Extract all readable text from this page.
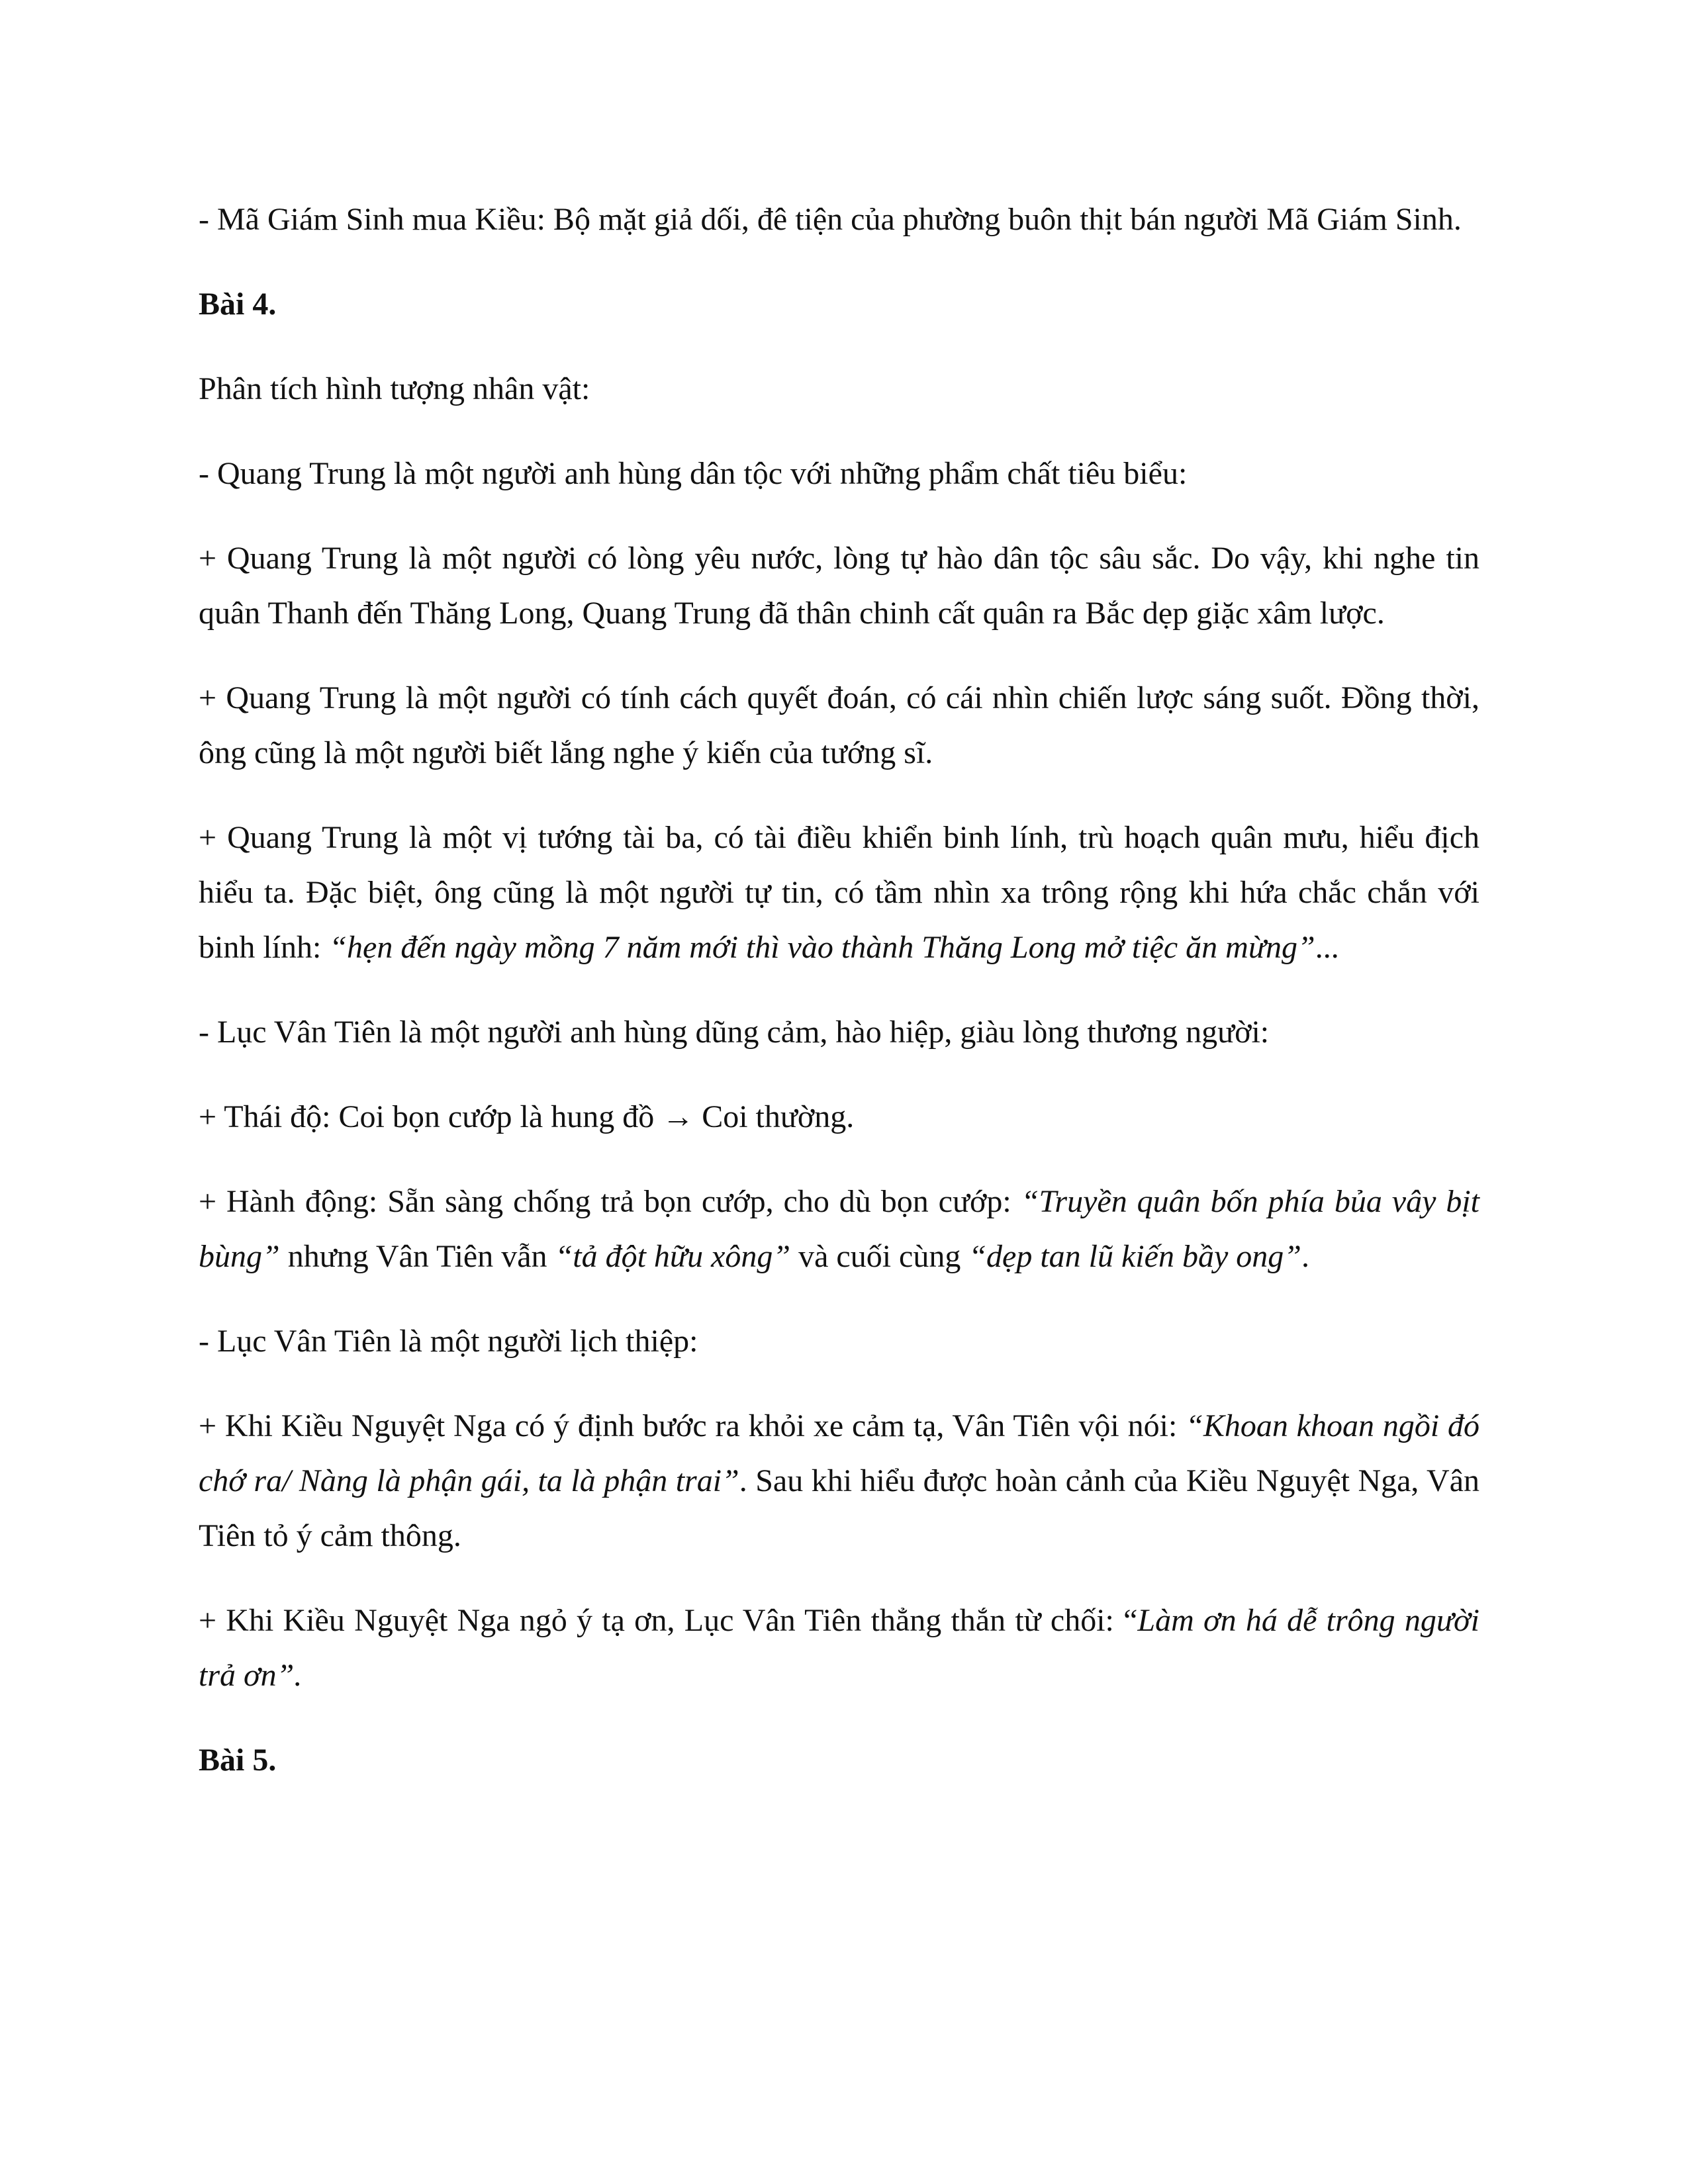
- Mã Giám Sinh mua Kiều: Bộ mặt giả dối, đê tiện của phường buôn thịt bán người Mã Giám Sinh.

Bài 4.

Phân tích hình tượng nhân vật:

- Quang Trung là một người anh hùng dân tộc với những phẩm chất tiêu biểu:

+ Quang Trung là một người có lòng yêu nước, lòng tự hào dân tộc sâu sắc. Do vậy, khi nghe tin quân Thanh đến Thăng Long, Quang Trung đã thân chinh cất quân ra Bắc dẹp giặc xâm lược.

+ Quang Trung là một người có tính cách quyết đoán, có cái nhìn chiến lược sáng suốt. Đồng thời, ông cũng là một người biết lắng nghe ý kiến của tướng sĩ.

+ Quang Trung là một vị tướng tài ba, có tài điều khiển binh lính, trù hoạch quân mưu, hiểu địch hiểu ta. Đặc biệt, ông cũng là một người tự tin, có tầm nhìn xa trông rộng khi hứa chắc chắn với binh lính: “hẹn đến ngày mồng 7 năm mới thì vào thành Thăng Long mở tiệc ăn mừng”...

- Lục Vân Tiên là một người anh hùng dũng cảm, hào hiệp, giàu lòng thương người:

+ Thái độ: Coi bọn cướp là hung đồ → Coi thường.

+ Hành động: Sẵn sàng chống trả bọn cướp, cho dù bọn cướp: “Truyền quân bốn phía bủa vây bịt bùng” nhưng Vân Tiên vẫn “tả đột hữu xông” và cuối cùng “dẹp tan lũ kiến bầy ong”.

- Lục Vân Tiên là một người lịch thiệp:

+ Khi Kiều Nguyệt Nga có ý định bước ra khỏi xe cảm tạ, Vân Tiên vội nói: “Khoan khoan ngồi đó chớ ra/ Nàng là phận gái, ta là phận trai”. Sau khi hiểu được hoàn cảnh của Kiều Nguyệt Nga, Vân Tiên tỏ ý cảm thông.

+ Khi Kiều Nguyệt Nga ngỏ ý tạ ơn, Lục Vân Tiên thẳng thắn từ chối: “Làm ơn há dễ trông người trả ơn”.

Bài 5.
